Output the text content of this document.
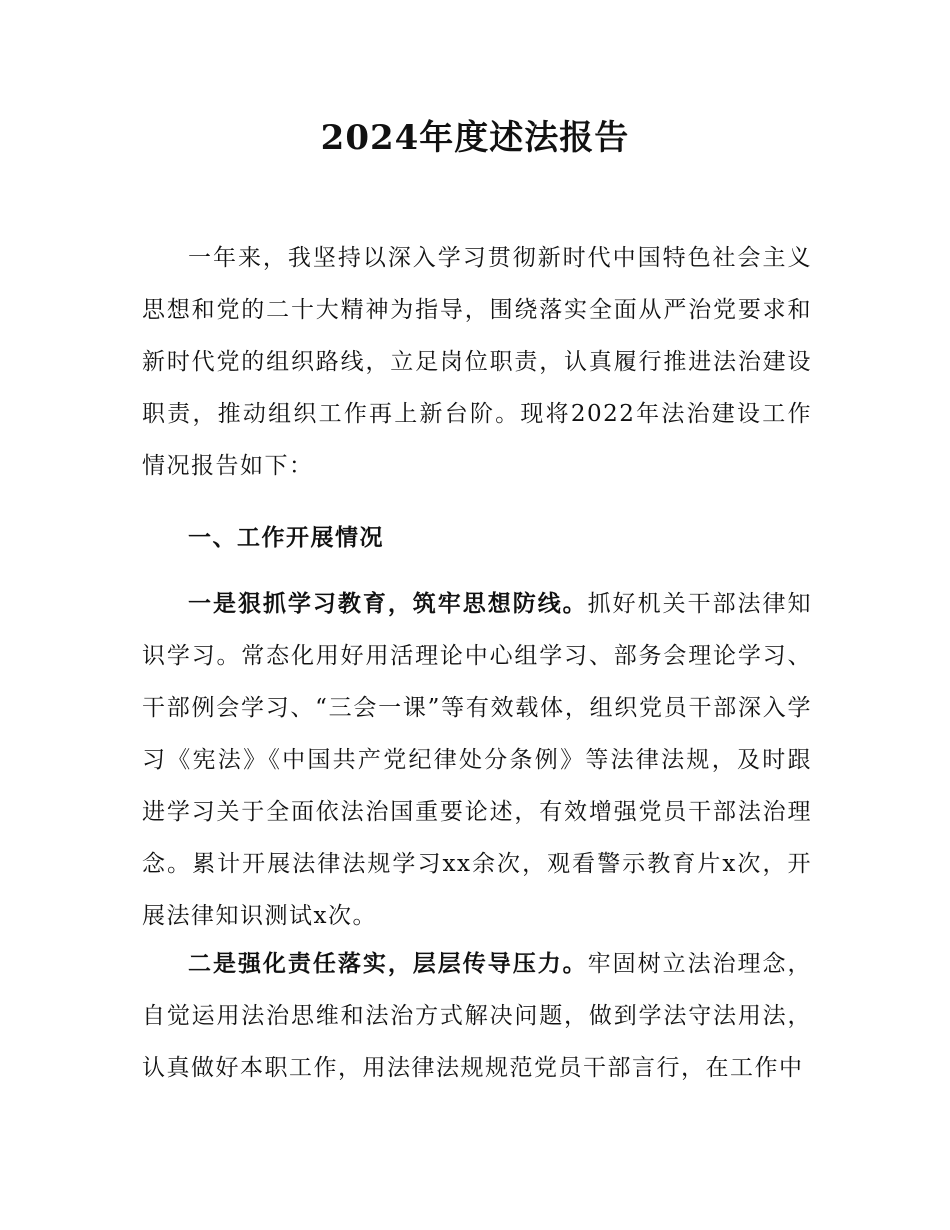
2024年度述法报告
一年来，我坚持以深入学习贯彻新时代中国特色社会主义思想和党的二十大精神为指导，围绕落实全面从严治党要求和新时代党的组织路线，立足岗位职责，认真履行推进法治建设职责，推动组织工作再上新台阶。现将2022年法治建设工作情况报告如下：
一、工作开展情况
一是狠抓学习教育，筑牢思想防线。抓好机关干部法律知识学习。常态化用好用活理论中心组学习、部务会理论学习、干部例会学习、“三会一课”等有效载体，组织党员干部深入学习《宪法》《中国共产党纪律处分条例》等法律法规，及时跟进学习关于全面依法治国重要论述，有效增强党员干部法治理念。累计开展法律法规学习xx余次，观看警示教育片x次，开展法律知识测试x次。
二是强化责任落实，层层传导压力。牢固树立法治理念，自觉运用法治思维和法治方式解决问题，做到学法守法用法，认真做好本职工作，用法律法规规范党员干部言行，在工作中
